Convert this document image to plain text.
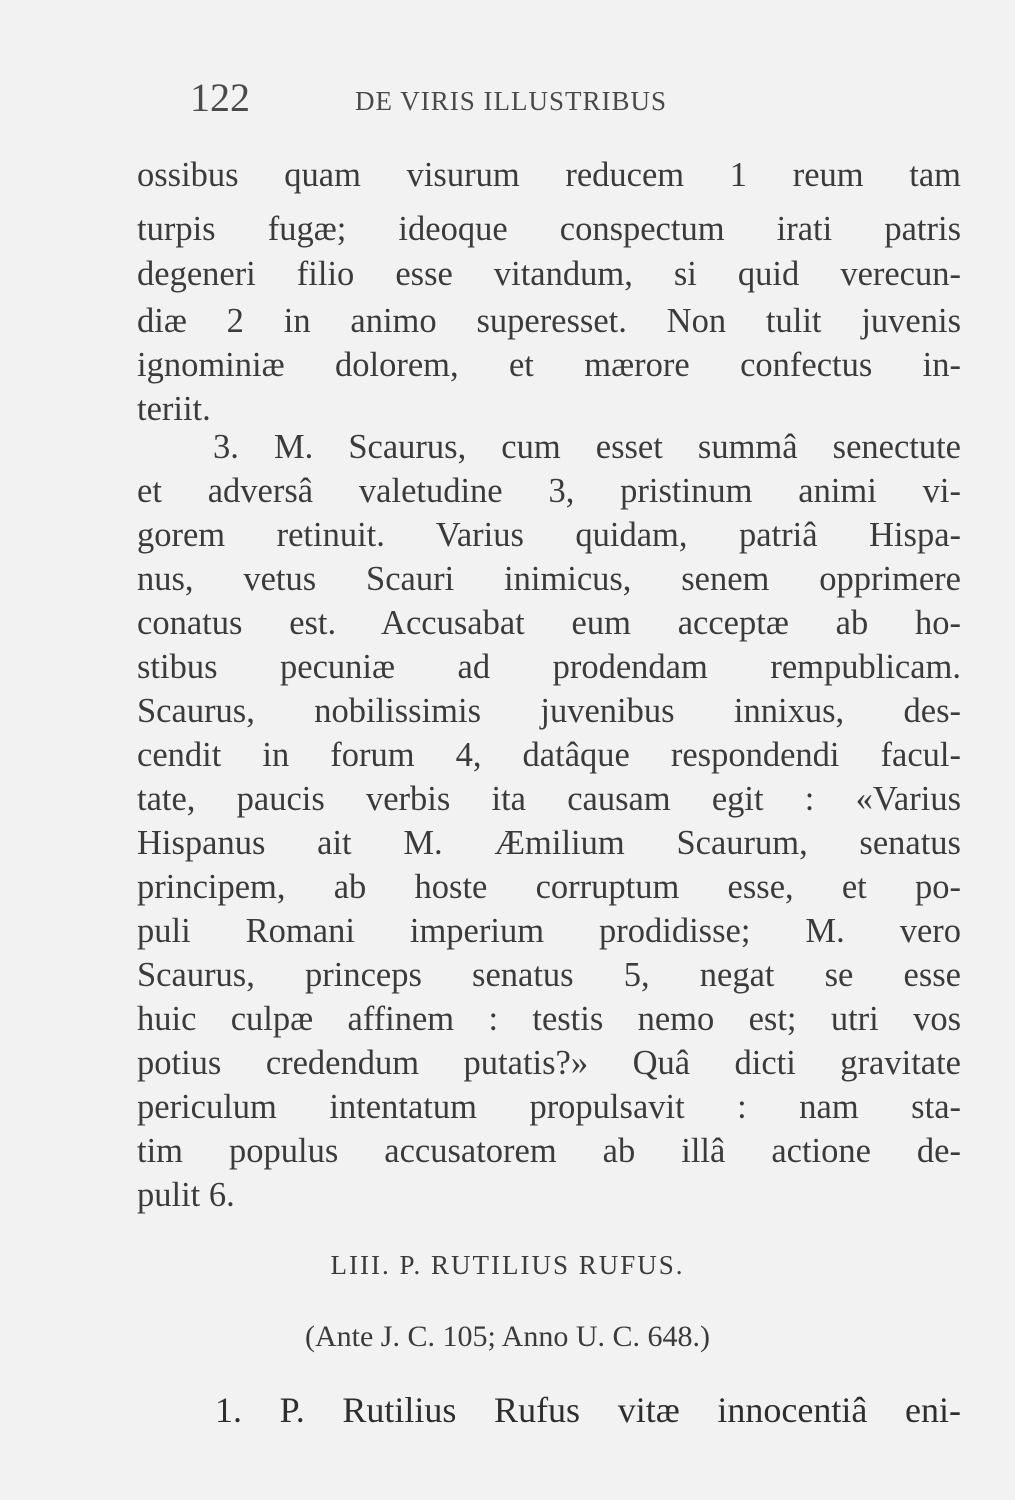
122	DE VIRIS ILLUSTRIBUS
ossibus quam visurum reducem 1 reum tam
turpis fugæ; ideoque conspectum irati patris
degeneri filio esse vitandum, si quid verecun-
diæ 2 in animo superesset. Non tulit juvenis
ignominiæ dolorem, et mærore confectus in-
teriit.
3. M. Scaurus, cum esset summâ senectute
et adversâ valetudine 3, pristinum animi vi-
gorem retinuit. Varius quidam, patriâ Hispa-
nus, vetus Scauri inimicus, senem opprimere
conatus est. Accusabat eum acceptæ ab ho-
stibus pecuniæ ad prodendam rempublicam.
Scaurus, nobilissimis juvenibus innixus, des-
cendit in forum 4, datâque respondendi facul-
tate, paucis verbis ita causam egit : «Varius
Hispanus ait M. Æmilium Scaurum, senatus
principem, ab hoste corruptum esse, et po-
puli Romani imperium prodidisse; M. vero
Scaurus, princeps senatus 5, negat se esse
huic culpæ affinem : testis nemo est; utri vos
potius credendum putatis?» Quâ dicti gravitate
periculum intentatum propulsavit : nam sta-
tim populus accusatorem ab illâ actione de-
pulit 6.
LIII. P. RUTILIUS RUFUS.
(Ante J. C. 105; Anno U. C. 648.)
1. P. Rutilius Rufus vitæ innocentiâ eni-
